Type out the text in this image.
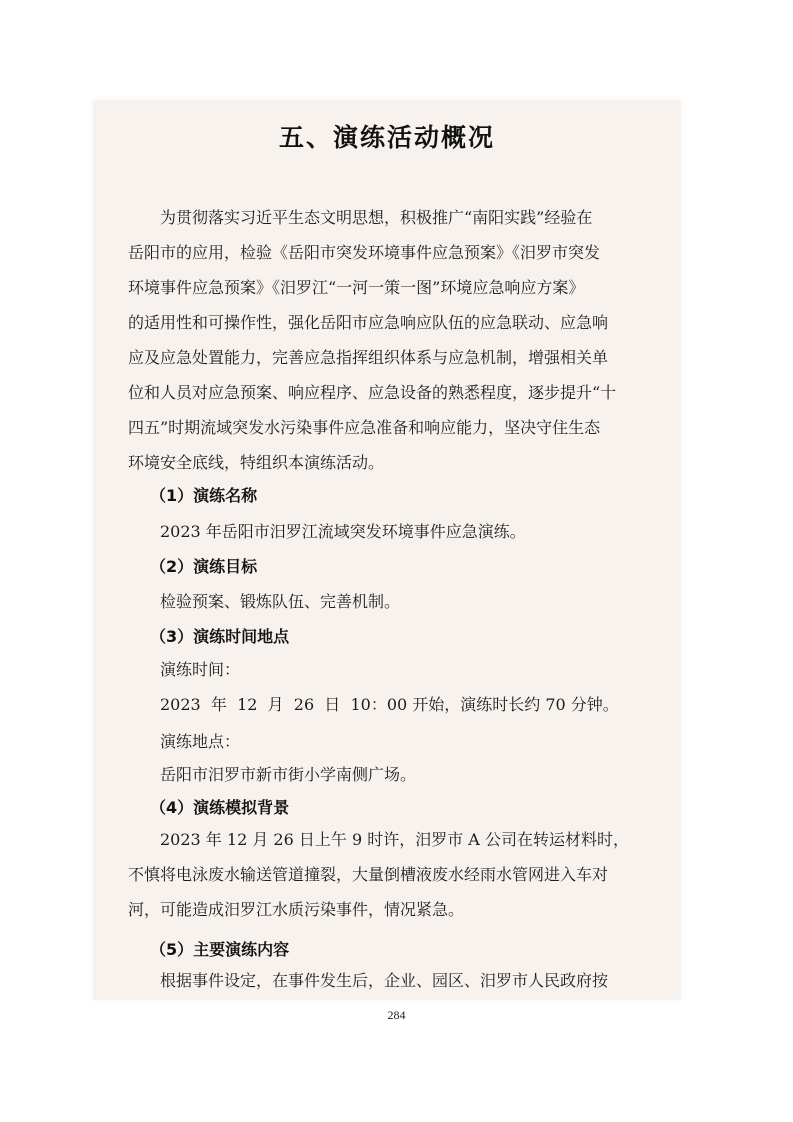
五、演练活动概况
为贯彻落实习近平生态文明思想，积极推广“南阳实践”经验在
岳阳市的应用，检验《岳阳市突发环境事件应急预案》《汨罗市突发
环境事件应急预案》《汨罗江“一河一策一图”环境应急响应方案》
的适用性和可操作性，强化岳阳市应急响应队伍的应急联动、应急响
应及应急处置能力，完善应急指挥组织体系与应急机制，增强相关单
位和人员对应急预案、响应程序、应急设备的熟悉程度，逐步提升“十
四五”时期流域突发水污染事件应急准备和响应能力，坚决守住生态
环境安全底线，特组织本演练活动。
（1）演练名称
2023 年岳阳市汨罗江流域突发环境事件应急演练。
（2）演练目标
检验预案、锻炼队伍、完善机制。
（3）演练时间地点
演练时间：
2023  年  12  月  26  日  10：00 开始，演练时长约 70 分钟。
演练地点：
岳阳市汨罗市新市街小学南侧广场。
（4）演练模拟背景
2023 年 12 月 26 日上午 9 时许，汨罗市 A 公司在转运材料时，
不慎将电泳废水输送管道撞裂，大量倒槽液废水经雨水管网进入车对
河，可能造成汨罗江水质污染事件，情况紧急。
（5）主要演练内容
根据事件设定，在事件发生后，企业、园区、汨罗市人民政府按
284
